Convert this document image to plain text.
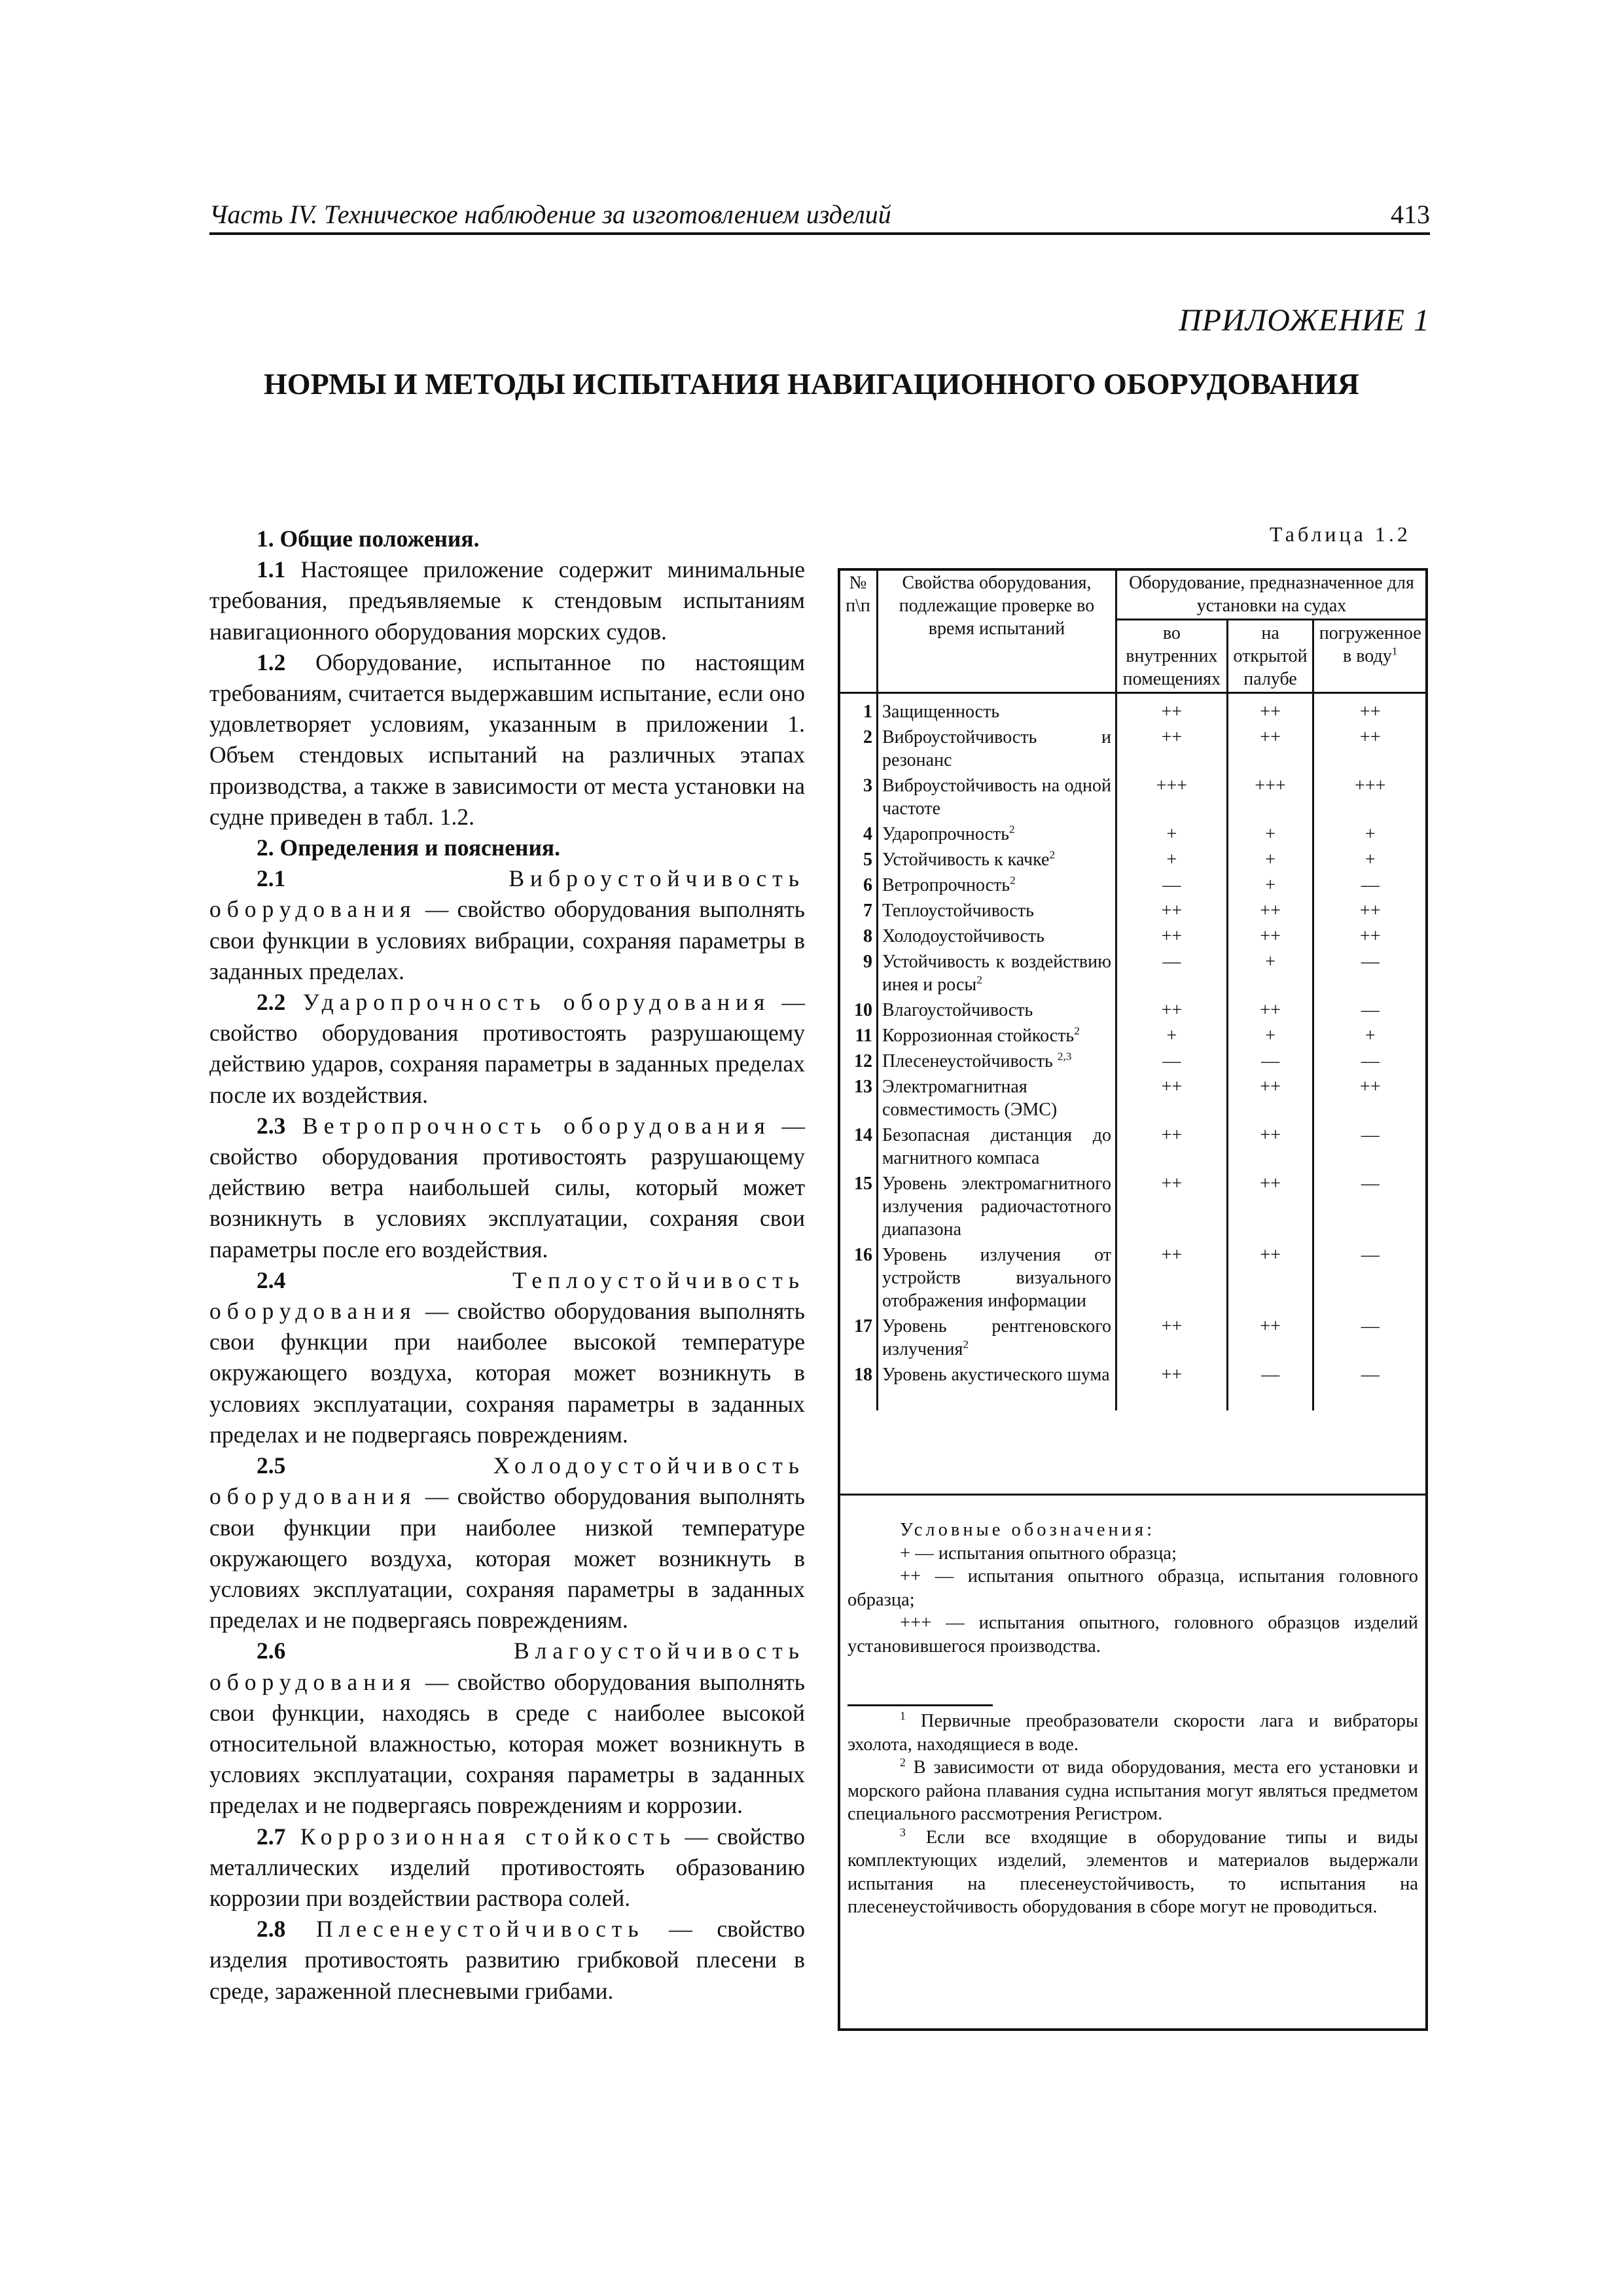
Часть IV. Техническое наблюдение за изготовлением изделий	413
ПРИЛОЖЕНИЕ 1
НОРМЫ И МЕТОДЫ ИСПЫТАНИЯ НАВИГАЦИОННОГО ОБОРУДОВАНИЯ

1. Общие положения.

1.1 Настоящее приложение содержит минимальные требования, предъявляемые к стендовым испытаниям навигационного оборудования морских судов.

1.2 Оборудование, испытанное по настоящим требованиям, считается выдержавшим испытание, если оно удовлетворяет условиям, указанным в приложении 1. Объем стендовых испытаний на различных этапах производства, а также в зависимости от места установки на судне приведен в табл. 1.2.

2. Определения и пояснения.

2.1 Виброустойчивость оборудования — свойство оборудования выполнять свои функции в условиях вибрации, сохраняя параметры в заданных пределах.

2.2 Ударопрочность оборудования — свойство оборудования противостоять разрушающему действию ударов, сохраняя параметры в заданных пределах после их воздействия.

2.3 Ветропрочность оборудования — свойство оборудования противостоять разрушающему действию ветра наибольшей силы, который может возникнуть в условиях эксплуатации, сохраняя свои параметры после его воздействия.

2.4 Теплоустойчивость оборудования — свойство оборудования выполнять свои функции при наиболее высокой температуре окружающего воздуха, которая может возникнуть в условиях эксплуатации, сохраняя параметры в заданных пределах и не подвергаясь повреждениям.

2.5 Холодоустойчивость оборудования — свойство оборудования выполнять свои функции при наиболее низкой температуре окружающего воздуха, которая может возникнуть в условиях эксплуатации, сохраняя параметры в заданных пределах и не подвергаясь повреждениям.

2.6 Влагоустойчивость оборудования — свойство оборудования выполнять свои функции, находясь в среде с наиболее высокой относительной влажностью, которая может возникнуть в условиях эксплуатации, сохраняя параметры в заданных пределах и не подвергаясь повреждениям и коррозии.

2.7 Коррозионная стойкость — свойство металлических изделий противостоять образованию коррозии при воздействии раствора солей.

2.8 Плесенеустойчивость — свойство изделия противостоять развитию грибковой плесени в среде, зараженной плесневыми грибами.

Таблица 1.2
№ п\п	Свойства оборудования, подлежащие проверке во время испытаний	Оборудование, предназначенное для установки на судах		
		во внутренних помещениях	на открытой палубе	погруженное в воду$^1$
1	Защищенность	++	++	++
2	Виброустойчивость и резонанс	++	++	++
3	Виброустойчивость на одной частоте	+++	+++	+++
4	Ударопрочность$^2$	+	+	+
5	Устойчивость к качке$^2$	+	+	+
6	Ветропрочность$^2$	—	+	—
7	Теплоустойчивость	++	++	++
8	Холодоустойчивость	++	++	++
9	Устойчивость к воздействию инея и росы$^2$	—	+	—
10	Влагоустойчивость	++	++	—
11	Коррозионная стойкость$^2$	+	+	+
12	Плесенеустойчивость $^{2,3}$	—	—	—
13	Электромагнитная совместимость (ЭМС)	++	++	++
14	Безопасная дистанция до магнитного компаса	++	++	—
15	Уровень электромагнитного излучения радиочастотного диапазона	++	++	—
16	Уровень излучения от устройств визуального отображения информации	++	++	—
17	Уровень рентгеновского излучения$^2$	++	++	—
18	Уровень акустического шума	++	—	—

Условные обозначения:

+ — испытания опытного образца;

++ — испытания опытного образца, испытания головного образца;

+++ — испытания опытного, головного образцов изделий установившегося производства.

$^1$ Первичные преобразователи скорости лага и вибраторы эхолота, находящиеся в воде.

$^2$ В зависимости от вида оборудования, места его установки и морского района плавания судна испытания могут являться предметом специального рассмотрения Регистром.

$^3$ Если все входящие в оборудование типы и виды комплектующих изделий, элементов и материалов выдержали испытания на плесенеустойчивость, то испытания на плесенеустойчивость оборудования в сборе могут не проводиться.
